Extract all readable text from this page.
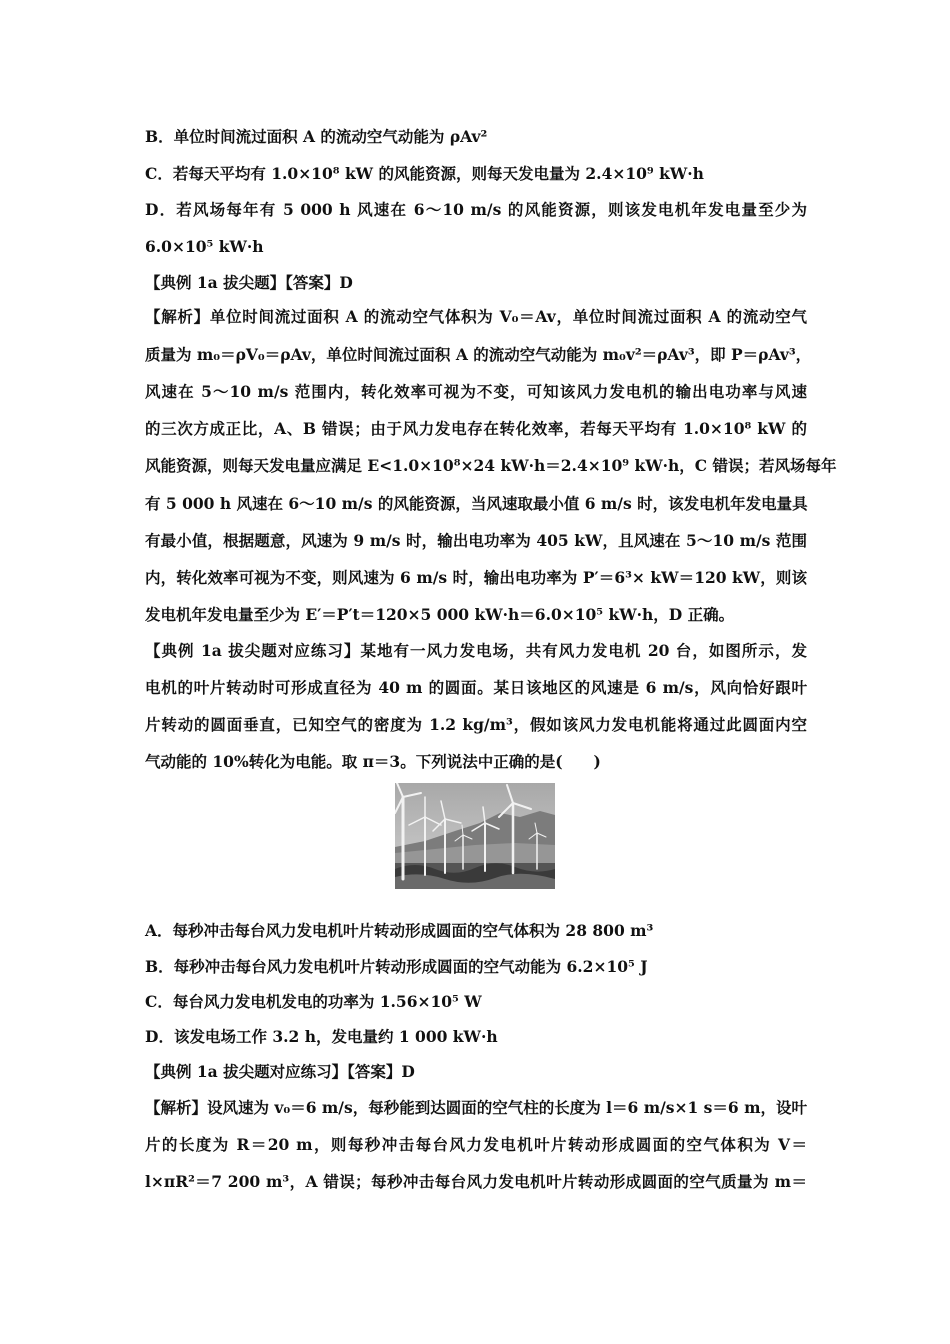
B．单位时间流过面积 A 的流动空气动能为 ρAv²
C．若每天平均有 1.0×10⁸ kW 的风能资源，则每天发电量为 2.4×10⁹ kW·h
D．若风场每年有 5 000 h 风速在 6～10 m/s 的风能资源，则该发电机年发电量至少为
6.0×10⁵ kW·h
【典例 1a 拔尖题】【答案】D
【解析】单位时间流过面积 A 的流动空气体积为 V₀＝Av，单位时间流过面积 A 的流动空气
质量为 m₀＝ρV₀＝ρAv，单位时间流过面积 A 的流动空气动能为 m₀v²＝ρAv³，即 P＝ρAv³，
风速在 5～10 m/s 范围内，转化效率可视为不变，可知该风力发电机的输出电功率与风速
的三次方成正比，A、B 错误；由于风力发电存在转化效率，若每天平均有 1.0×10⁸ kW 的
风能资源，则每天发电量应满足 E<1.0×10⁸×24 kW·h＝2.4×10⁹ kW·h，C 错误；若风场每年
有 5 000 h 风速在 6～10 m/s 的风能资源，当风速取最小值 6 m/s 时，该发电机年发电量具
有最小值，根据题意，风速为 9 m/s 时，输出电功率为 405 kW，且风速在 5～10 m/s 范围
内，转化效率可视为不变，则风速为 6 m/s 时，输出电功率为 P′＝6³× kW＝120 kW，则该
发电机年发电量至少为 E′＝P′t＝120×5 000 kW·h＝6.0×10⁵ kW·h，D 正确。
【典例 1a 拔尖题对应练习】某地有一风力发电场，共有风力发电机 20 台，如图所示，发
电机的叶片转动时可形成直径为 40 m 的圆面。某日该地区的风速是 6 m/s，风向恰好跟叶
片转动的圆面垂直，已知空气的密度为 1.2 kg/m³，假如该风力发电机能将通过此圆面内空
气动能的 10%转化为电能。取 π＝3。下列说法中正确的是(　　)
A．每秒冲击每台风力发电机叶片转动形成圆面的空气体积为 28 800 m³
B．每秒冲击每台风力发电机叶片转动形成圆面的空气动能为 6.2×10⁵ J
C．每台风力发电机发电的功率为 1.56×10⁵ W
D．该发电场工作 3.2 h，发电量约 1 000 kW·h
【典例 1a 拔尖题对应练习】【答案】D
【解析】设风速为 v₀＝6 m/s，每秒能到达圆面的空气柱的长度为 l＝6 m/s×1 s＝6 m，设叶
片的长度为 R＝20 m，则每秒冲击每台风力发电机叶片转动形成圆面的空气体积为 V＝
l×πR²＝7 200 m³，A 错误；每秒冲击每台风力发电机叶片转动形成圆面的空气质量为 m＝
